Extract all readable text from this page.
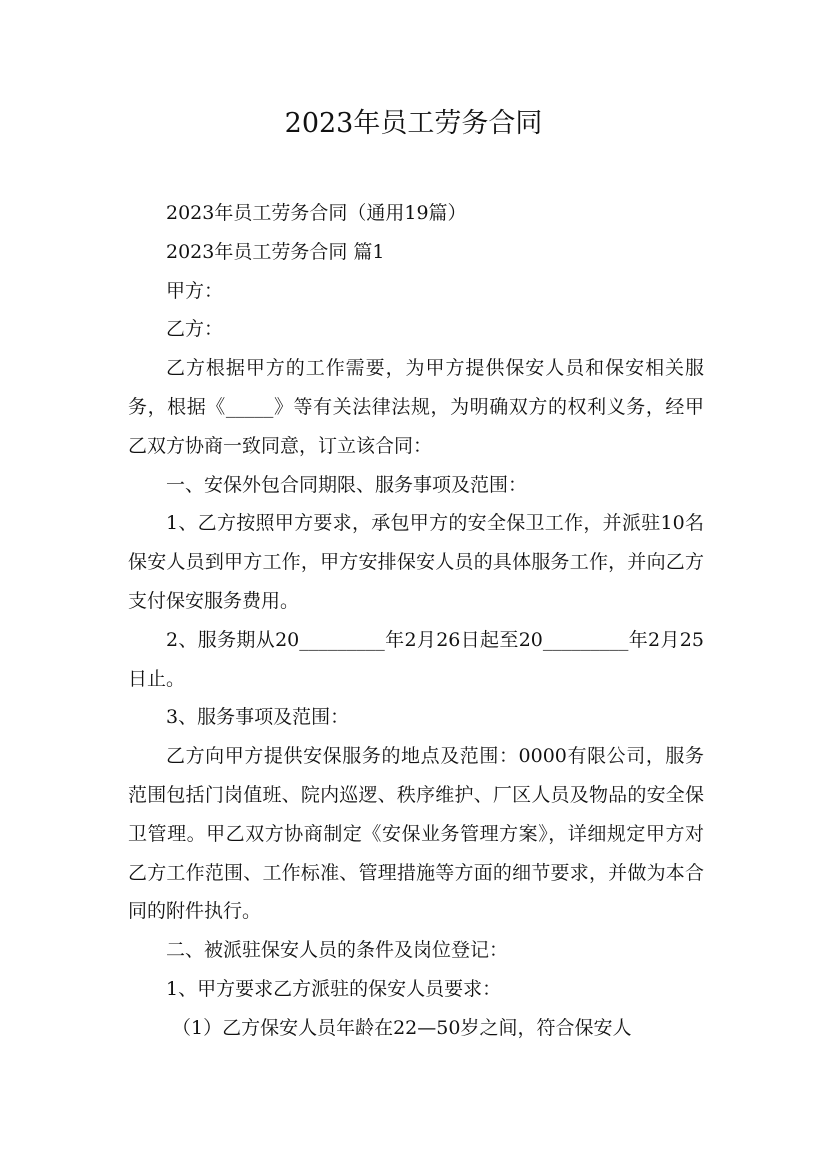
2023年员工劳务合同

2023年员工劳务合同（通用19篇）

2023年员工劳务合同 篇1

甲方：

乙方：

乙方根据甲方的工作需要，为甲方提供保安人员和保安相关服务，根据《_____》等有关法律法规，为明确双方的权利义务，经甲乙双方协商一致同意，订立该合同：

一、安保外包合同期限、服务事项及范围：

1、乙方按照甲方要求，承包甲方的安全保卫工作，并派驻10名保安人员到甲方工作，甲方安排保安人员的具体服务工作，并向乙方支付保安服务费用。

2、服务期从20_________年2月26日起至20_________年2月25日止。

3、服务事项及范围：

乙方向甲方提供安保服务的地点及范围：0000有限公司，服务范围包括门岗值班、院内巡逻、秩序维护、厂区人员及物品的安全保卫管理。甲乙双方协商制定《安保业务管理方案》，详细规定甲方对乙方工作范围、工作标准、管理措施等方面的细节要求，并做为本合同的附件执行。

二、被派驻保安人员的条件及岗位登记：

1、甲方要求乙方派驻的保安人员要求：

（1）乙方保安人员年龄在22—50岁之间，符合保安人
